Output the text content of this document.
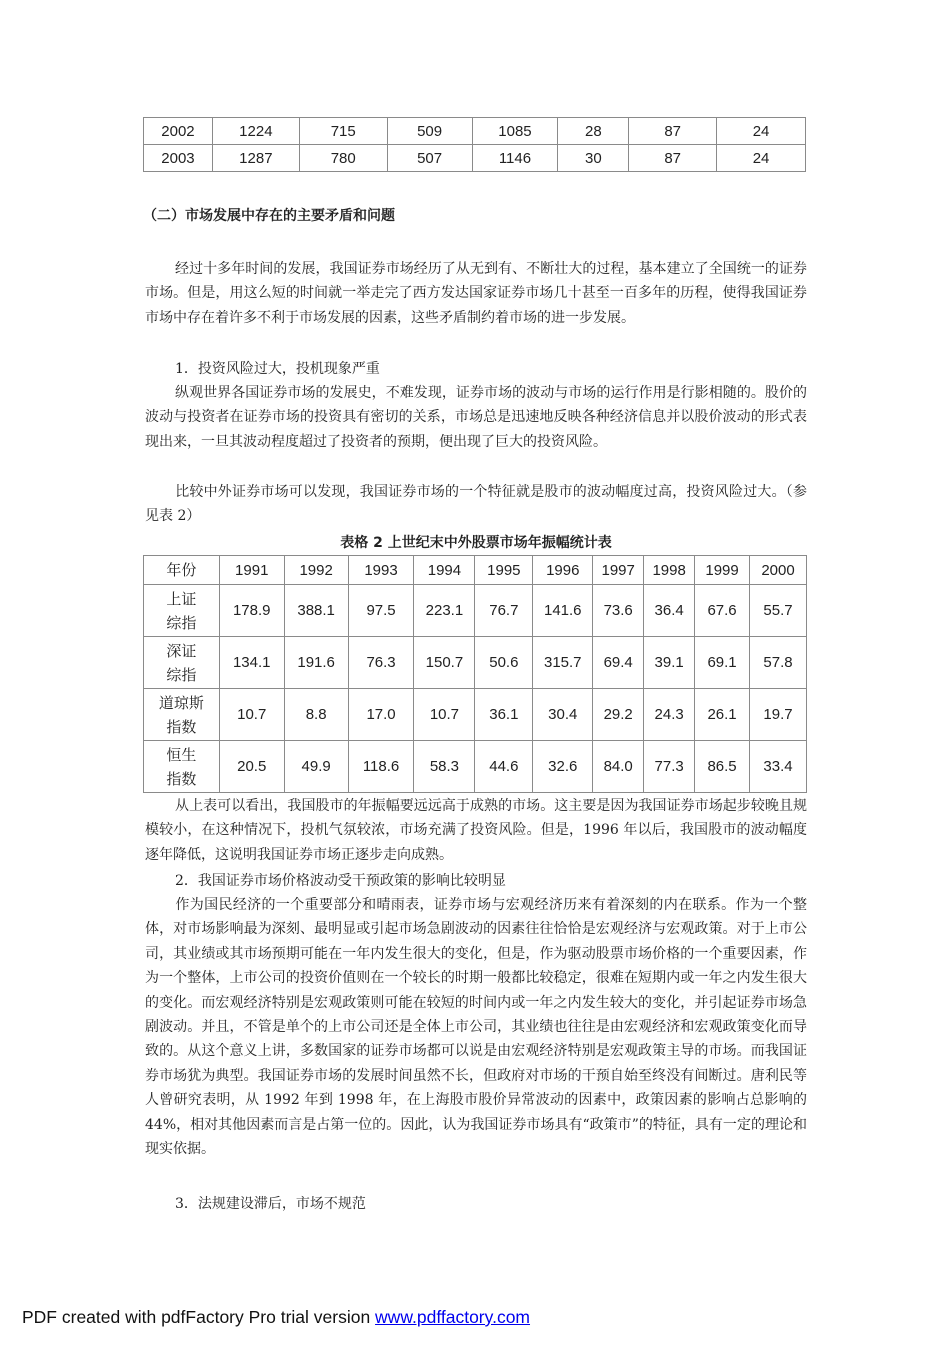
2002	1224	715	509	1085	28	87	24
2003	1287	780	507	1146	30	87	24
（二）市场发展中存在的主要矛盾和问题

经过十多年时间的发展，我国证券市场经历了从无到有、不断壮大的过程，基本建立了全国统一的证券市场。但是，用这么短的时间就一举走完了西方发达国家证券市场几十甚至一百多年的历程，使得我国证券市场中存在着许多不利于市场发展的因素，这些矛盾制约着市场的进一步发展。

1．投资风险过大，投机现象严重

纵观世界各国证券市场的发展史，不难发现，证券市场的波动与市场的运行作用是行影相随的。股价的波动与投资者在证券市场的投资具有密切的关系，市场总是迅速地反映各种经济信息并以股价波动的形式表现出来，一旦其波动程度超过了投资者的预期，便出现了巨大的投资风险。

比较中外证券市场可以发现，我国证券市场的一个特征就是股市的波动幅度过高，投资风险过大。（参见表 2）

表格 2 上世纪末中外股票市场年振幅统计表
年份	1991	1992	1993	1994	1995	1996	1997	1998	1999	2000
上证
综指	178.9	388.1	97.5	223.1	76.7	141.6	73.6	36.4	67.6	55.7
深证
综指	134.1	191.6	76.3	150.7	50.6	315.7	69.4	39.1	69.1	57.8
道琼斯
指数	10.7	8.8	17.0	10.7	36.1	30.4	29.2	24.3	26.1	19.7
恒生
指数	20.5	49.9	118.6	58.3	44.6	32.6	84.0	77.3	86.5	33.4

从上表可以看出，我国股市的年振幅要远远高于成熟的市场。这主要是因为我国证券市场起步较晚且规模较小，在这种情况下，投机气氛较浓，市场充满了投资风险。但是，1996 年以后，我国股市的波动幅度逐年降低，这说明我国证券市场正逐步走向成熟。

2．我国证券市场价格波动受干预政策的影响比较明显

作为国民经济的一个重要部分和晴雨表，证券市场与宏观经济历来有着深刻的内在联系。作为一个整体，对市场影响最为深刻、最明显或引起市场急剧波动的因素往往恰恰是宏观经济与宏观政策。对于上市公司，其业绩或其市场预期可能在一年内发生很大的变化，但是，作为驱动股票市场价格的一个重要因素，作为一个整体，上市公司的投资价值则在一个较长的时期一般都比较稳定，很难在短期内或一年之内发生很大的变化。而宏观经济特别是宏观政策则可能在较短的时间内或一年之内发生较大的变化，并引起证券市场急剧波动。并且，不管是单个的上市公司还是全体上市公司，其业绩也往往是由宏观经济和宏观政策变化而导致的。从这个意义上讲，多数国家的证券市场都可以说是由宏观经济特别是宏观政策主导的市场。而我国证券市场犹为典型。我国证券市场的发展时间虽然不长，但政府对市场的干预自始至终没有间断过。唐利民等人曾研究表明，从 1992 年到 1998 年，在上海股市股价异常波动的因素中，政策因素的影响占总影响的 44%，相对其他因素而言是占第一位的。因此，认为我国证券市场具有“政策市”的特征，具有一定的理论和现实依据。

3．法规建设滞后，市场不规范

PDF created with pdfFactory Pro trial version www.pdffactory.com
